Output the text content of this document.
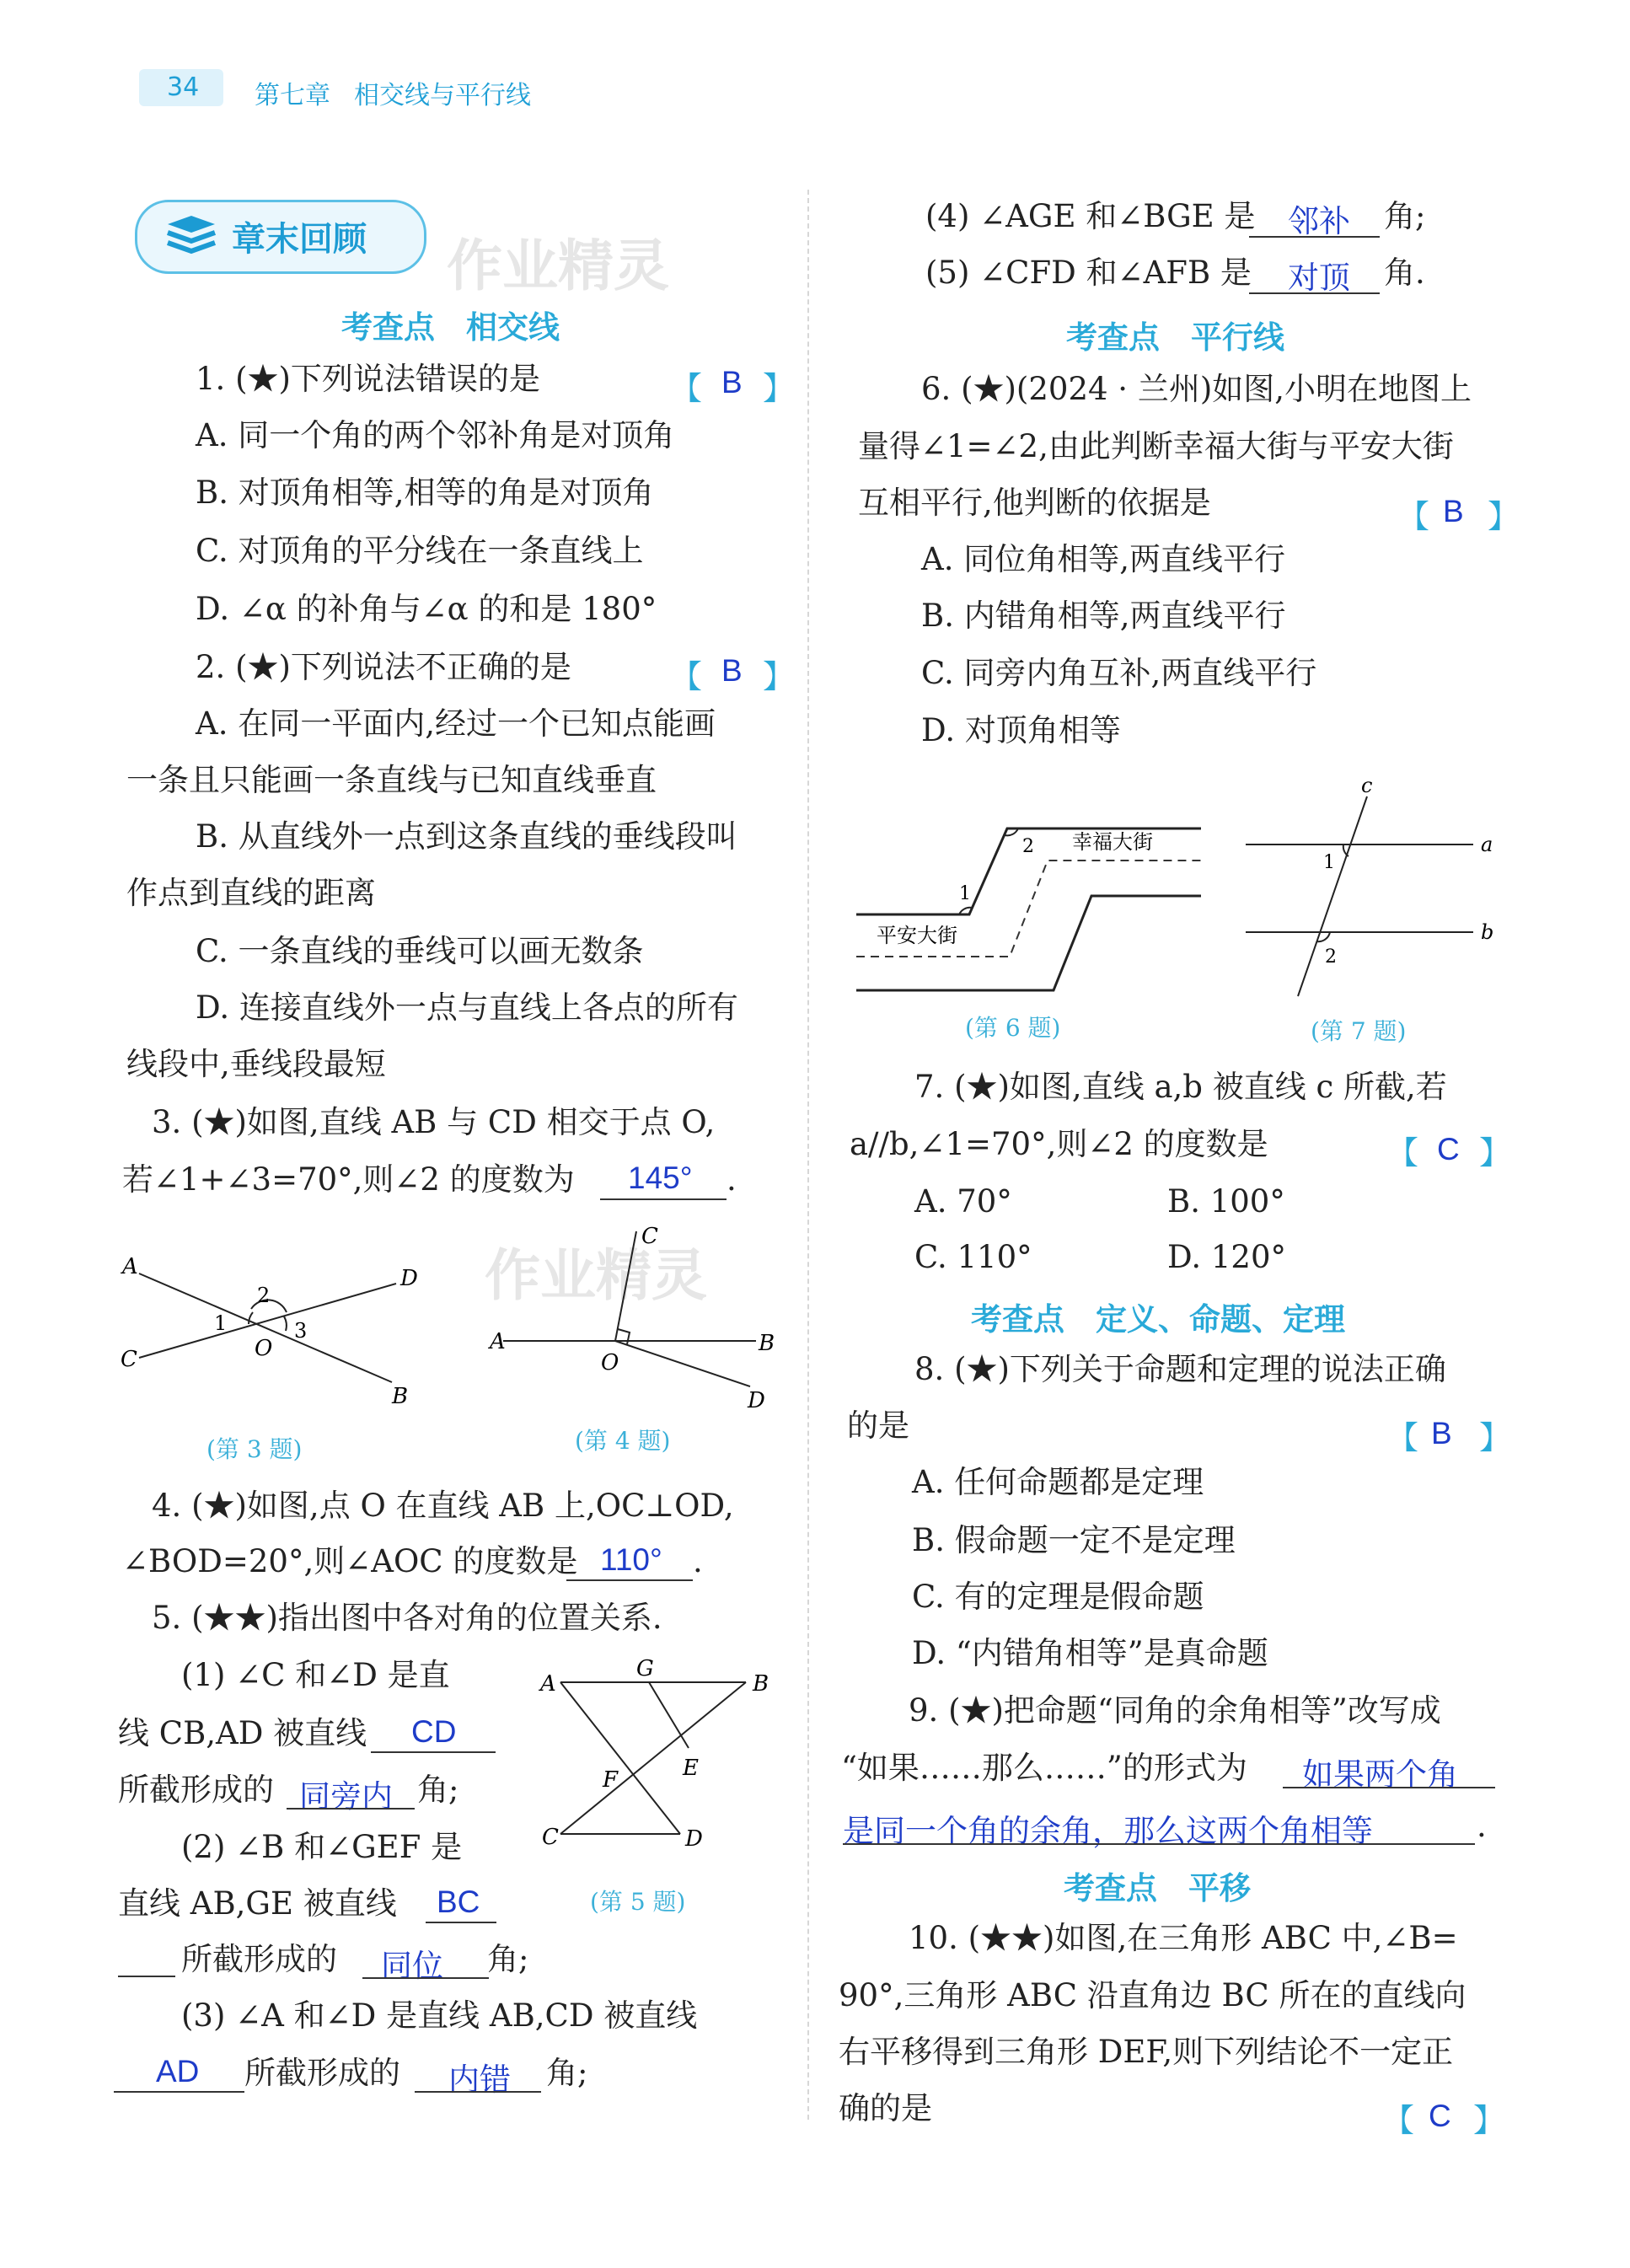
34 第七章 相交线与平行线
章末回顾 作业精灵
作业精灵
考查点　相交线
1. (★)下列说法错误的是	【 B 】
A. 同一个角的两个邻补角是对顶角
B. 对顶角相等,相等的角是对顶角
C. 对顶角的平分线在一条直线上
D. ∠α 的补角与∠α 的和是 180°
2. (★)下列说法不正确的是	【 B 】
A. 在同一平面内,经过一个已知点能画
一条且只能画一条直线与已知直线垂直
B. 从直线外一点到这条直线的垂线段叫
作点到直线的距离
C. 一条直线的垂线可以画无数条
D. 连接直线外一点与直线上各点的所有
线段中,垂线段最短
3. (★)如图,直线 AB 与 CD 相交于点 O,
若∠1+∠3=70°,则∠2 的度数为 145° .
A	D
C
B
O
2
1	3
(第 3 题)
C
A	B
O
D
(第 4 题)
4. (★)如图,点 O 在直线 AB 上,OC⊥OD,
∠BOD=20°,则∠AOC 的度数是 110° .
5. (★★)指出图中各对角的位置关系.
(1) ∠C 和∠D 是直
线 CB,AD 被直线 CD
所截形成的 同旁内 角;
(2) ∠B 和∠GEF 是
直线 AB,GE 被直线 BC
所截形成的 同位 角;
(3) ∠A 和∠D 是直线 AB,CD 被直线
AD 所截形成的 内错 角;
A
G
B
E
F
C	D
(第 5 题)
(4) ∠AGE 和∠BGE 是 邻补 角;
(5) ∠CFD 和∠AFB 是 对顶 角.
考查点　平行线
6. (★)(2024 · 兰州)如图,小明在地图上
量得∠1=∠2,由此判断幸福大街与平安大街
互相平行,他判断的依据是	【 B 】
A. 同位角相等,两直线平行
B. 内错角相等,两直线平行
C. 同旁内角互补,两直线平行
D. 对顶角相等
1
2 幸福大街
平安大街
(第 6 题)
c
a
b
1
2
(第 7 题)
7. (★)如图,直线 a,b 被直线 c 所截,若
a//b,∠1=70°,则∠2 的度数是	【 C 】
A. 70°	B. 100°
C. 110°	D. 120°
考查点　定义、命题、定理
8. (★)下列关于命题和定理的说法正确
的是	【 B 】
A. 任何命题都是定理
B. 假命题一定不是定理
C. 有的定理是假命题
D. “内错角相等”是真命题
9. (★)把命题“同角的余角相等”改写成
“如果……那么……”的形式为 如果两个角
是同一个角的余角，那么这两个角相等	.
考查点　平移
10. (★★)如图,在三角形 ABC 中,∠B=
90°,三角形 ABC 沿直角边 BC 所在的直线向
右平移得到三角形 DEF,则下列结论不一定正
确的是	【 C 】
